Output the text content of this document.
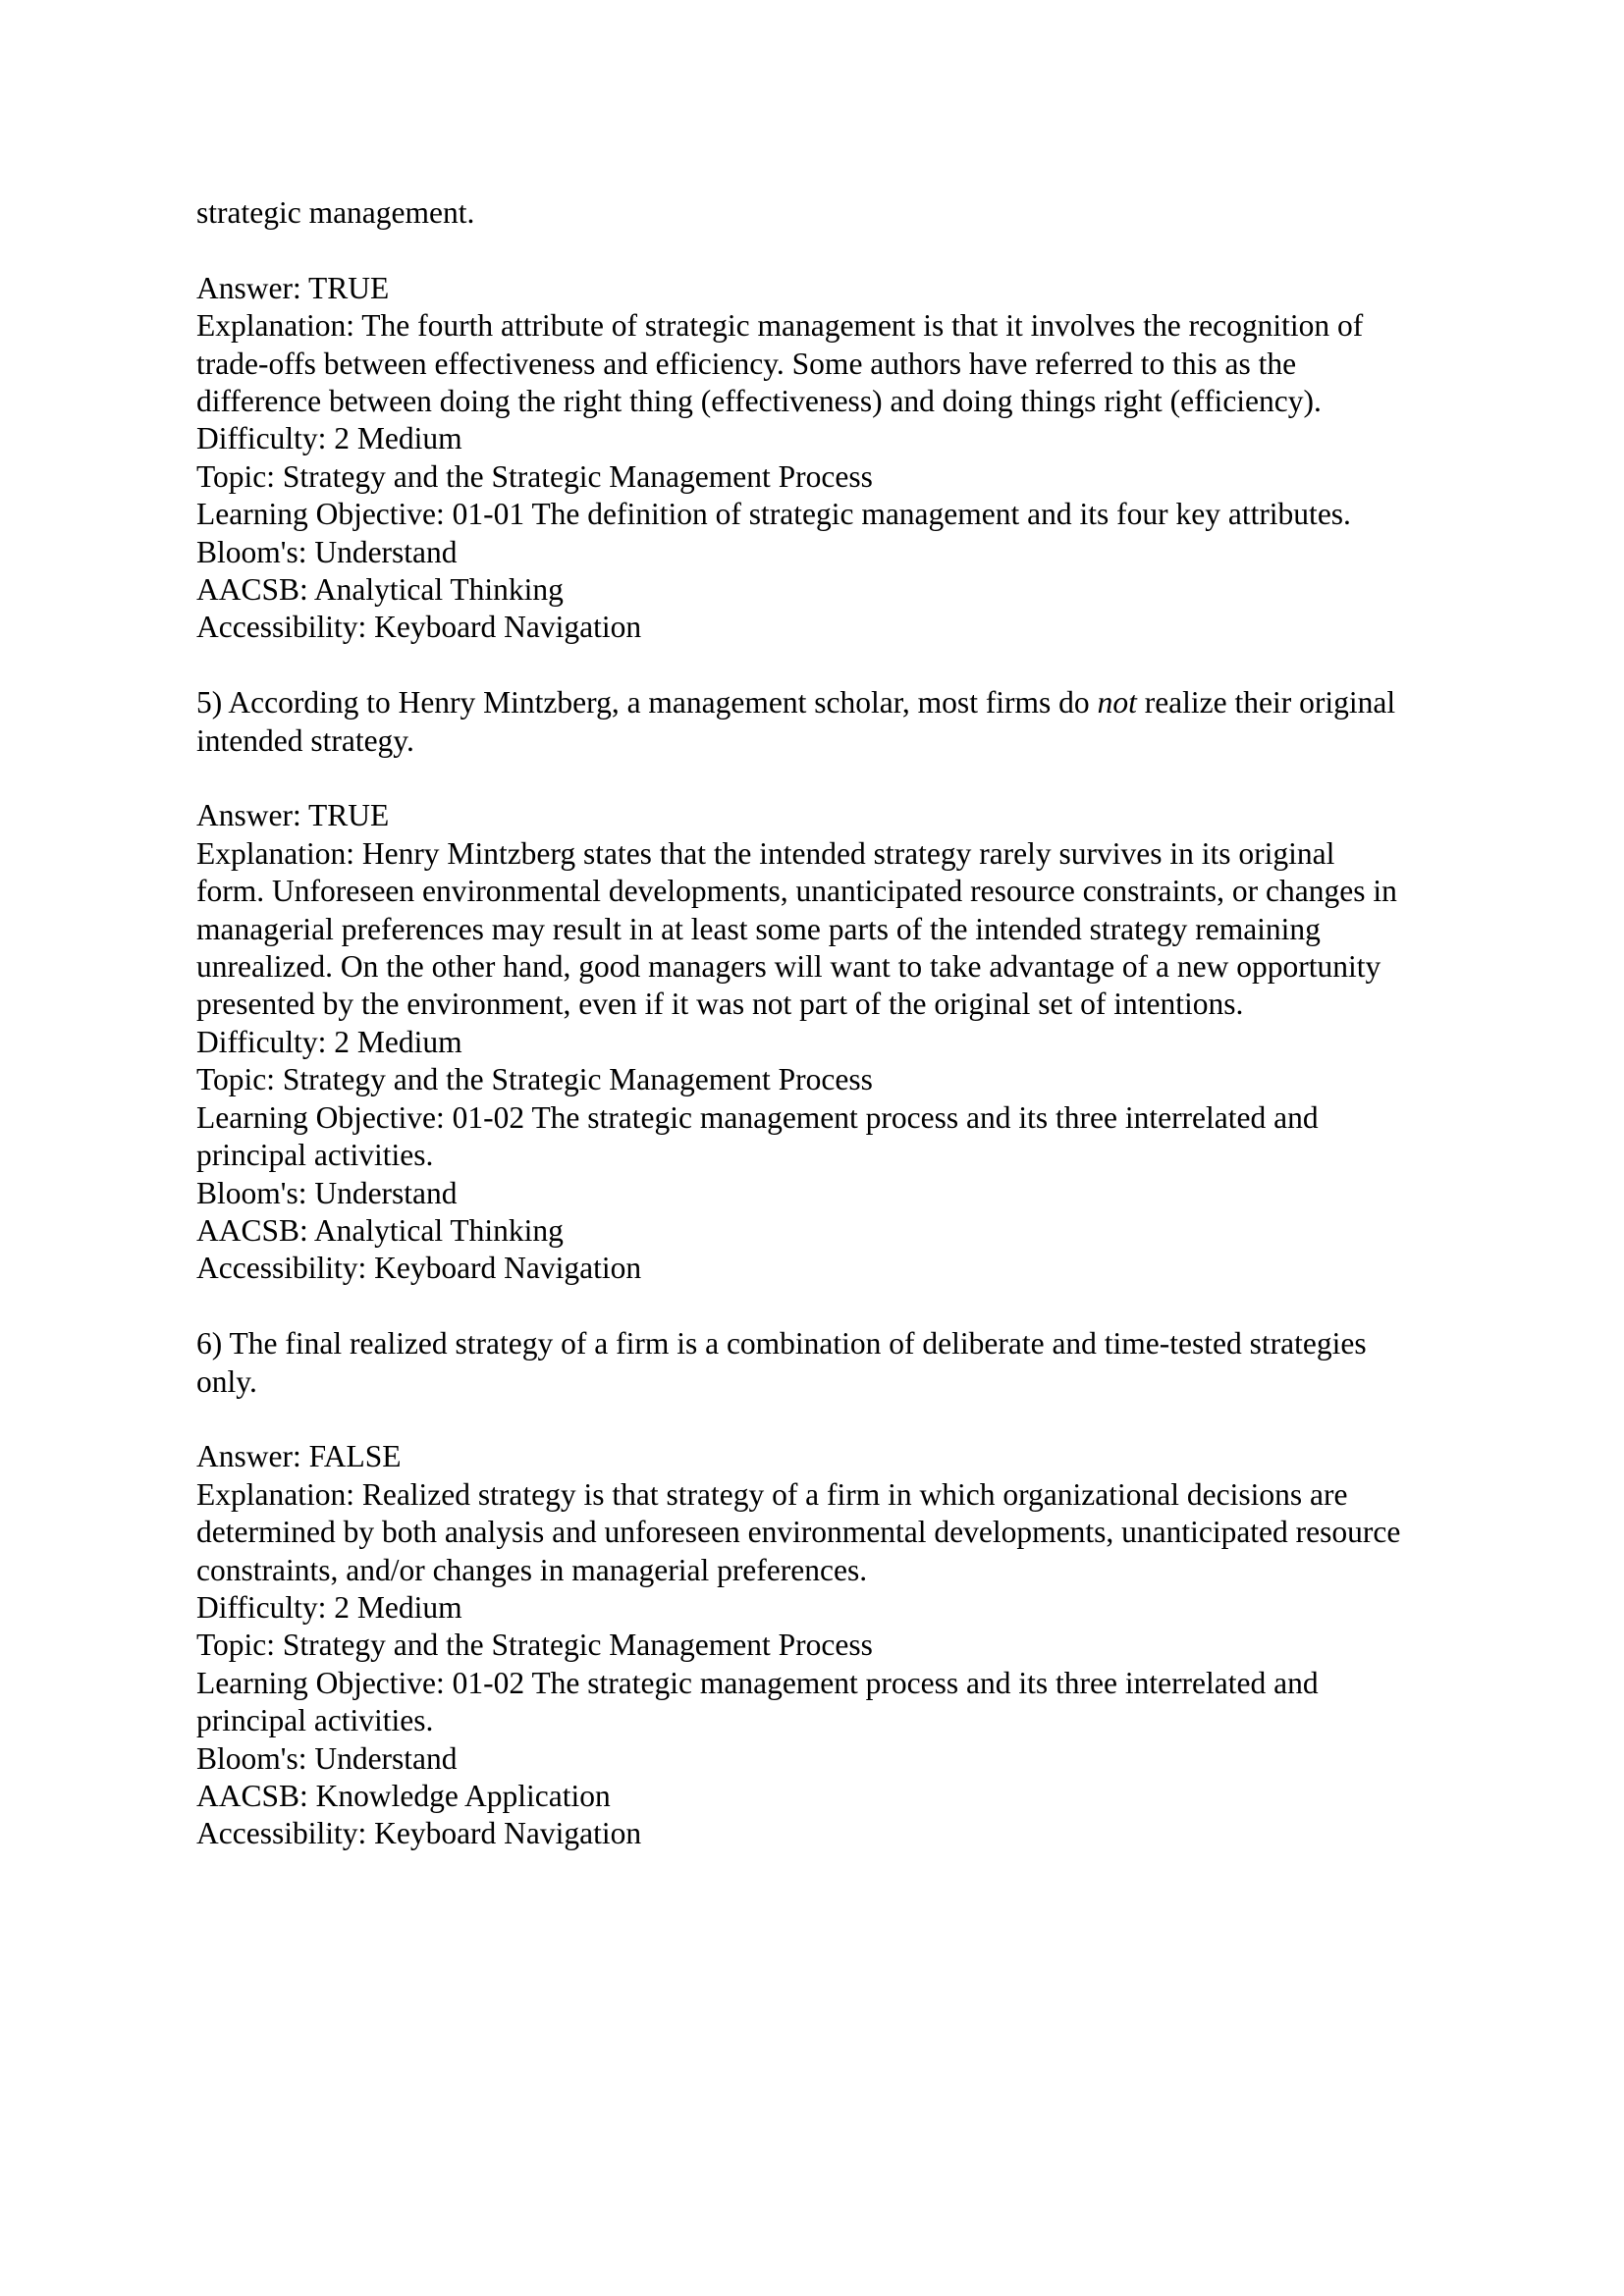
strategic management.
Answer: TRUE
Explanation: The fourth attribute of strategic management is that it involves the recognition of
trade-offs between effectiveness and efficiency. Some authors have referred to this as the
difference between doing the right thing (effectiveness) and doing things right (efficiency).
Difficulty: 2 Medium
Topic: Strategy and the Strategic Management Process
Learning Objective: 01-01 The definition of strategic management and its four key attributes.
Bloom's: Understand
AACSB: Analytical Thinking
Accessibility: Keyboard Navigation
5) According to Henry Mintzberg, a management scholar, most firms do not realize their original
intended strategy.
Answer: TRUE
Explanation: Henry Mintzberg states that the intended strategy rarely survives in its original
form. Unforeseen environmental developments, unanticipated resource constraints, or changes in
managerial preferences may result in at least some parts of the intended strategy remaining
unrealized. On the other hand, good managers will want to take advantage of a new opportunity
presented by the environment, even if it was not part of the original set of intentions.
Difficulty: 2 Medium
Topic: Strategy and the Strategic Management Process
Learning Objective: 01-02 The strategic management process and its three interrelated and
principal activities.
Bloom's: Understand
AACSB: Analytical Thinking
Accessibility: Keyboard Navigation
6) The final realized strategy of a firm is a combination of deliberate and time-tested strategies
only.
Answer: FALSE
Explanation: Realized strategy is that strategy of a firm in which organizational decisions are
determined by both analysis and unforeseen environmental developments, unanticipated resource
constraints, and/or changes in managerial preferences.
Difficulty: 2 Medium
Topic: Strategy and the Strategic Management Process
Learning Objective: 01-02 The strategic management process and its three interrelated and
principal activities.
Bloom's: Understand
AACSB: Knowledge Application
Accessibility: Keyboard Navigation
